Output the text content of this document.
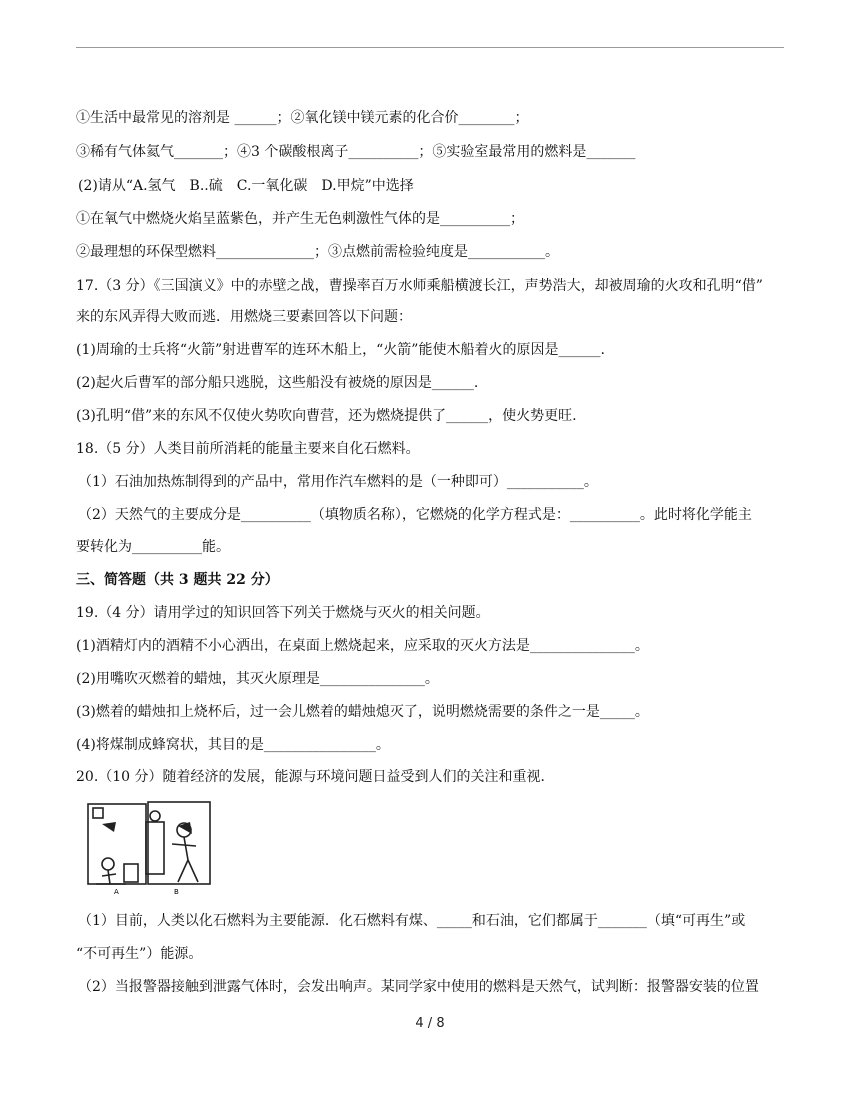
①生活中最常见的溶剂是 ______；②氧化镁中镁元素的化合价________；
③稀有气体氦气_______；④3 个碳酸根离子__________；⑤实验室最常用的燃料是_______
(2)请从“A.氢气　B..硫　C.一氧化碳　D.甲烷”中选择
①在氧气中燃烧火焰呈蓝紫色，并产生无色刺激性气体的是__________；
②最理想的环保型燃料______________；③点燃前需检验纯度是___________。
17.（3 分）《三国演义》中的赤壁之战，曹操率百万水师乘船横渡长江，声势浩大，却被周瑜的火攻和孔明“借”
来的东风弄得大败而逃．用燃烧三要素回答以下问题：
(1)周瑜的士兵将“火箭”射进曹军的连环木船上，“火箭”能使木船着火的原因是______.
(2)起火后曹军的部分船只逃脱，这些船没有被烧的原因是______.
(3)孔明“借”来的东风不仅使火势吹向曹营，还为燃烧提供了______，使火势更旺.
18.（5 分）人类目前所消耗的能量主要来自化石燃料。
（1）石油加热炼制得到的产品中，常用作汽车燃料的是（一种即可）___________。
（2）天然气的主要成分是__________（填物质名称），它燃烧的化学方程式是：__________。此时将化学能主
要转化为__________能。
三、简答题（共 3 题共 22 分）
19.（4 分）请用学过的知识回答下列关于燃烧与灭火的相关问题。
(1)酒精灯内的酒精不小心洒出，在桌面上燃烧起来，应采取的灭火方法是_______________。
(2)用嘴吹灭燃着的蜡烛，其灭火原理是_______________。
(3)燃着的蜡烛扣上烧杯后，过一会儿燃着的蜡烛熄灭了，说明燃烧需要的条件之一是_____。
(4)将煤制成蜂窝状，其目的是________________。
20.（10 分）随着经济的发展，能源与环境问题日益受到人们的关注和重视．
A	B
（1）目前，人类以化石燃料为主要能源．化石燃料有煤、_____和石油，它们都属于_______（填“可再生”或
“不可再生”）能源。
（2）当报警器接触到泄露气体时，会发出响声。某同学家中使用的燃料是天然气，试判断：报警器安装的位置
4 / 8
